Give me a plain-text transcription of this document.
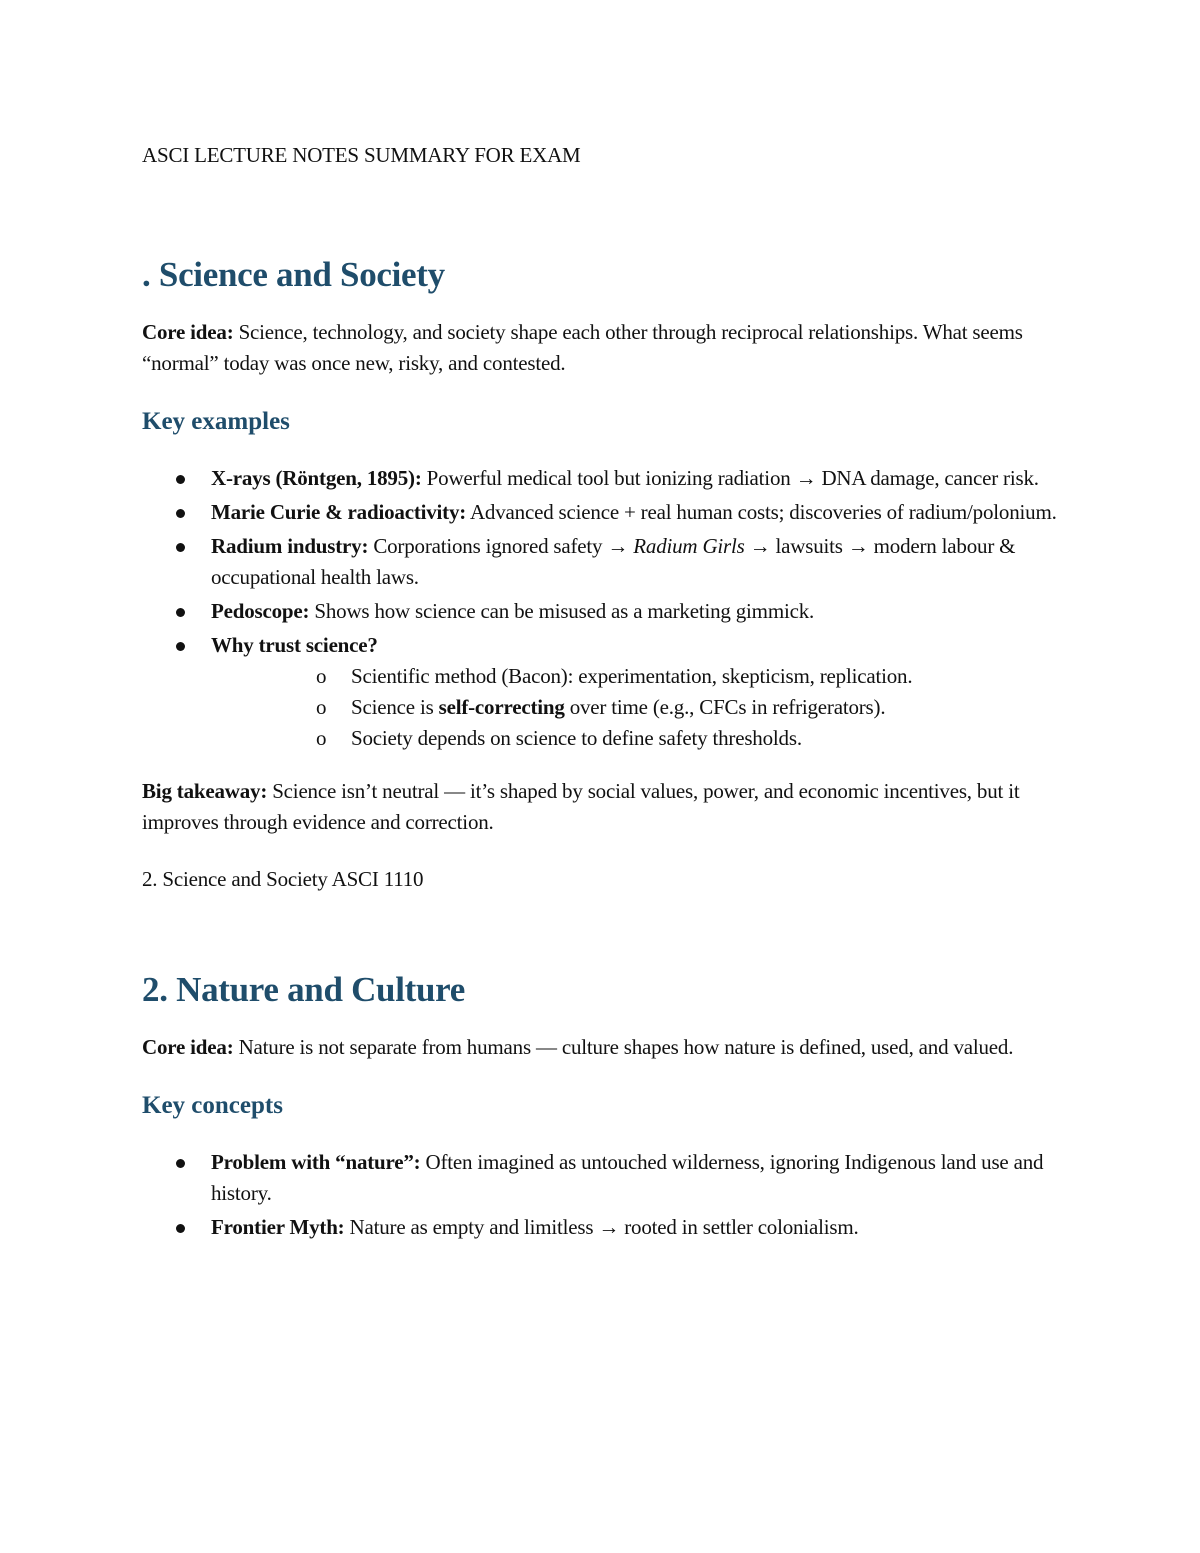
ASCI LECTURE NOTES SUMMARY FOR EXAM
. Science and Society

Core idea: Science, technology, and society shape each other through reciprocal relationships. What seems “normal” today was once new, risky, and contested.

Key examples
X-rays (Röntgen, 1895): Powerful medical tool but ionizing radiation → DNA damage, cancer risk.
Marie Curie & radioactivity: Advanced science + real human costs; discoveries of radium/polonium.
Radium industry: Corporations ignored safety → Radium Girls → lawsuits → modern labour & occupational health laws.
Pedoscope: Shows how science can be misused as a marketing gimmick.
Why trust science?
o Scientific method (Bacon): experimentation, skepticism, replication.
o Science is self-correcting over time (e.g., CFCs in refrigerators).
o Society depends on science to define safety thresholds.

Big takeaway: Science isn’t neutral — it’s shaped by social values, power, and economic incentives, but it improves through evidence and correction.

2. Science and Society ASCI 1110

2. Nature and Culture

Core idea: Nature is not separate from humans — culture shapes how nature is defined, used, and valued.

Key concepts
Problem with “nature”: Often imagined as untouched wilderness, ignoring Indigenous land use and history.
Frontier Myth: Nature as empty and limitless → rooted in settler colonialism.
